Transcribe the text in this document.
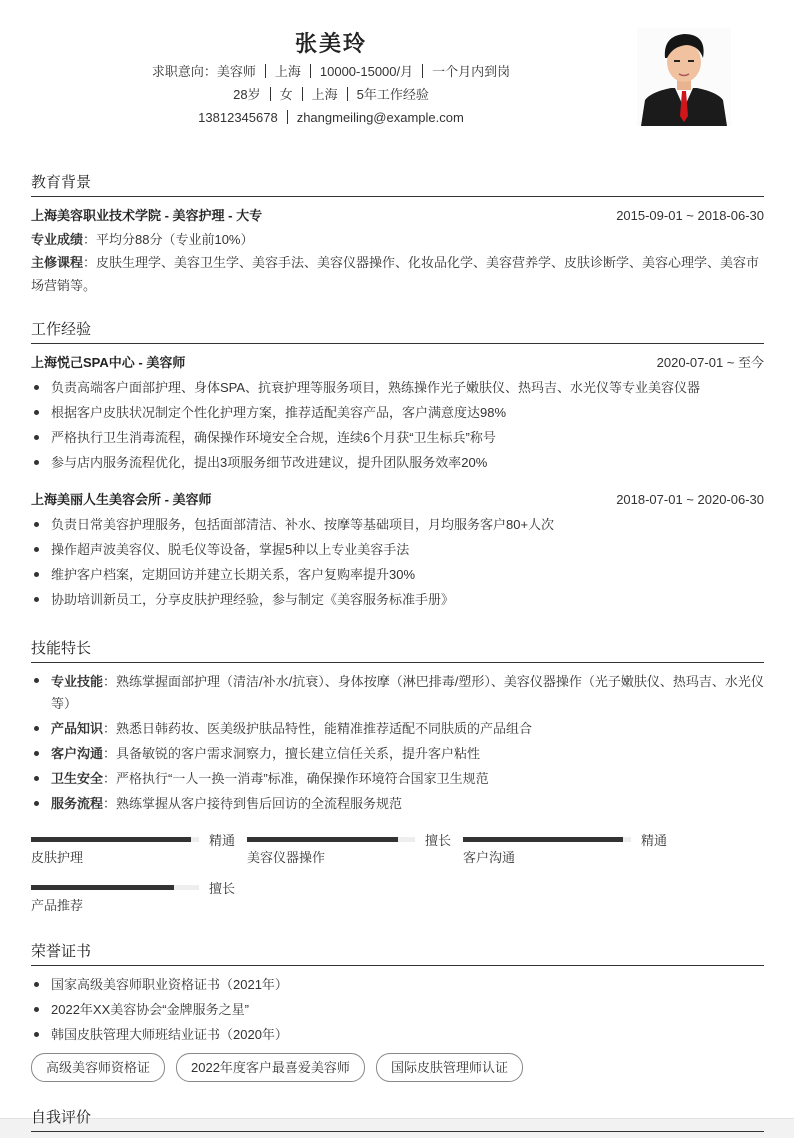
张美玲
求职意向：美容师 上海 10000-15000/月 一个月内到岗
28岁 女 上海 5年工作经验
13812345678 zhangmeiling@example.com
教育背景
上海美容职业技术学院 - 美容护理 - 大专	2015-09-01 ~ 2018-06-30
专业成绩：平均分88分（专业前10%）
主修课程：皮肤生理学、美容卫生学、美容手法、美容仪器操作、化妆品化学、美容营养学、皮肤诊断学、美容心理学、美容市场营销等。
工作经验
上海悦己SPA中心 - 美容师	2020-07-01 ~ 至今
负责高端客户面部护理、身体SPA、抗衰护理等服务项目，熟练操作光子嫩肤仪、热玛吉、水光仪等专业美容仪器
根据客户皮肤状况制定个性化护理方案，推荐适配美容产品，客户满意度达98%
严格执行卫生消毒流程，确保操作环境安全合规，连续6个月获“卫生标兵”称号
参与店内服务流程优化，提出3项服务细节改进建议，提升团队服务效率20%
上海美丽人生美容会所 - 美容师	2018-07-01 ~ 2020-06-30
负责日常美容护理服务，包括面部清洁、补水、按摩等基础项目，月均服务客户80+人次
操作超声波美容仪、脱毛仪等设备，掌握5种以上专业美容手法
维护客户档案，定期回访并建立长期关系，客户复购率提升30%
协助培训新员工，分享皮肤护理经验，参与制定《美容服务标准手册》
技能特长
专业技能：熟练掌握面部护理（清洁/补水/抗衰）、身体按摩（淋巴排毒/塑形）、美容仪器操作（光子嫩肤仪、热玛吉、水光仪等）
产品知识：熟悉日韩药妆、医美级护肤品特性，能精准推荐适配不同肤质的产品组合
客户沟通：具备敏锐的客户需求洞察力，擅长建立信任关系，提升客户粘性
卫生安全：严格执行“一人一换一消毒”标准，确保操作环境符合国家卫生规范
服务流程：熟练掌握从客户接待到售后回访的全流程服务规范
精通
皮肤护理
擅长
美容仪器操作
精通
客户沟通
擅长
产品推荐
荣誉证书
国家高级美容师职业资格证书（2021年）
2022年XX美容协会“金牌服务之星”
韩国皮肤管理大师班结业证书（2020年）
高级美容师资格证	2022年度客户最喜爱美容师	国际皮肤管理师认证
自我评价
